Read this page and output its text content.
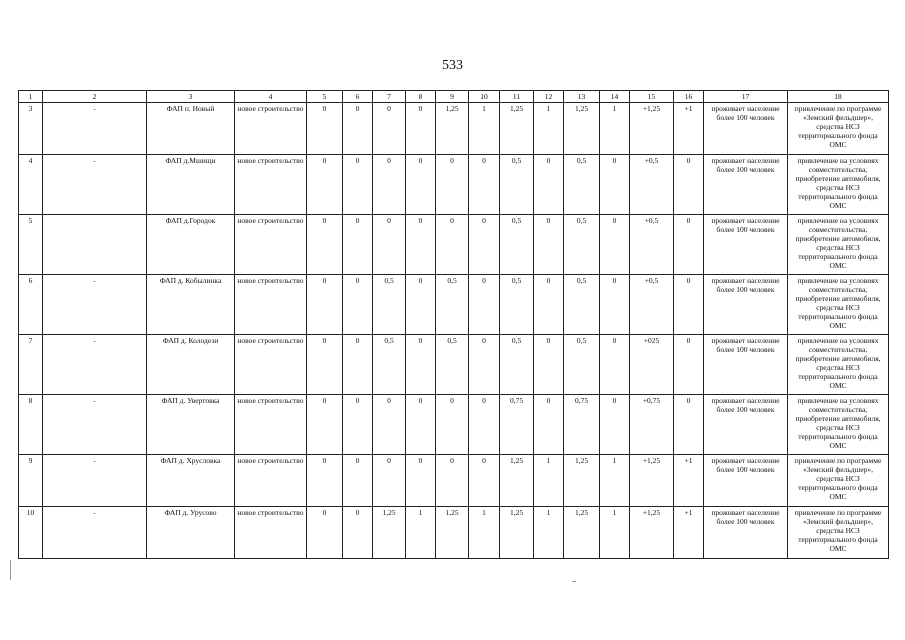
533
1	2	3	4	5	6	7	8	9	10	11	12	13	14	15	16	17	18
3	-	ФАП п. Новый	новое строительство	0	0	0	0	1,25	1	1,25	1	1,25	1	+1,25	+1	проживает население более 100 человек	привлечение по программе «Земский фельдшер», средства НСЗ территориального фонда ОМС
4	-	ФАП д.Мшищи	новое строительство	0	0	0	0	0	0	0,5	0	0,5	0	+0,5	0	проживает население более 100 человек	привлечение на условиях совместительства, приобретение автомобиля, средства НСЗ территориального фонда ОМС
5		ФАП д.Городок	новое строительство	0	0	0	0	0	0	0,5	0	0,5	0	+0,5	0	проживает население более 100 человек	привлечение на условиях совместительства, приобретение автомобиля, средства НСЗ территориального фонда ОМС
6	-	ФАП д. Кобылинка	новое строительство	0	0	0,5	0	0,5	0	0,5	0	0,5	0	+0,5	0	проживает население более 100 человек	привлечение на условиях совместительства, приобретение автомобиля, средства НСЗ территориального фонда ОМС
7	-	ФАП д. Колодези	новое строительство	0	0	0,5	0	0,5	0	0,5	0	0,5	0	+025	0	проживает население более 100 человек	привлечение на условиях совместительства, приобретение автомобиля, средства НСЗ территориального фонда ОМС
8	-	ФАП д. Увертовка	новое строительство	0	0	0	0	0	0	0,75	0	0,75	0	+0,75	0	проживает население более 100 человек	привлечение на условиях совместительства, приобретение автомобиля, средства НСЗ территориального фонда ОМС
9	-	ФАП д. Хрусловка	новое строительство	0	0	0	0	0	0	1,25	1	1,25	1	+1,25	+1	проживает население более 100 человек	привлечение по программе «Земский фельдшер», средства НСЗ территориального фонда ОМС
10	-	ФАП д. Урусово	новое строительство	0	0	1,25	1	1,25	1	1,25	1	1,25	1	+1,25	+1	проживает население более 100 человек	привлечение по программе «Земский фельдшер», средства НСЗ территориального фонда ОМС
